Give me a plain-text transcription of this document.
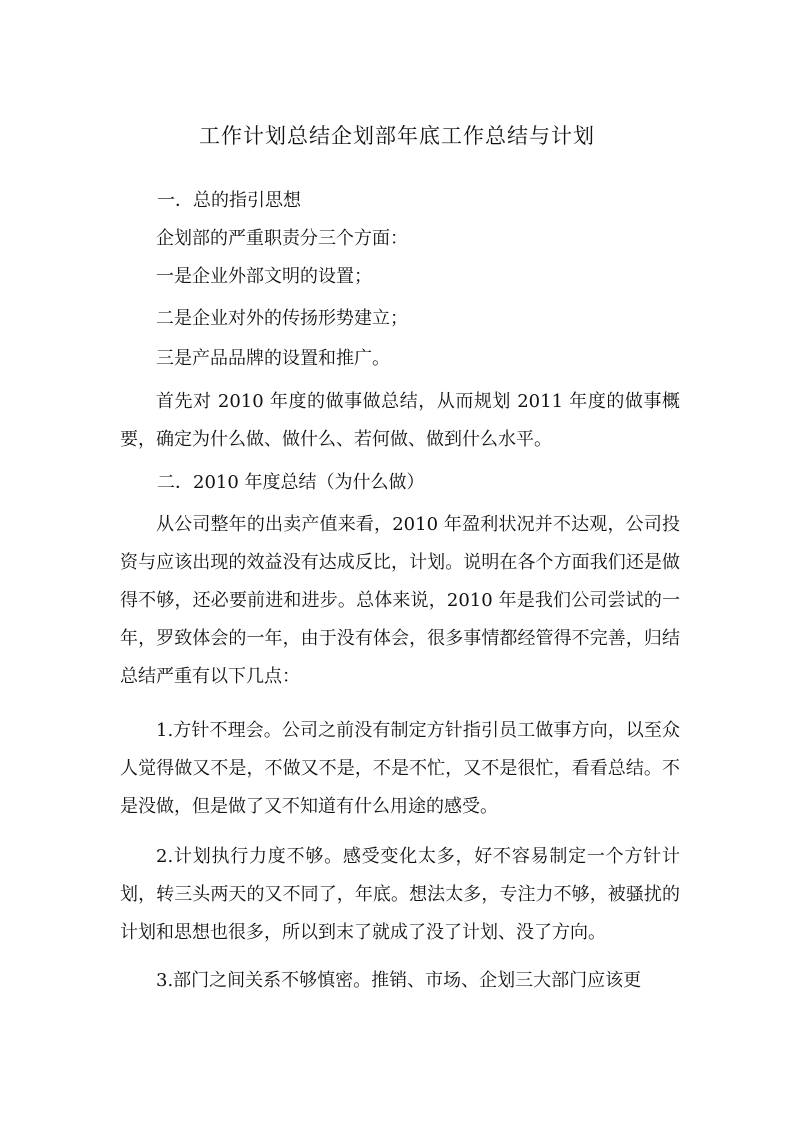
工作计划总结企划部年底工作总结与计划

一．总的指引思想

企划部的严重职责分三个方面：

一是企业外部文明的设置；

二是企业对外的传扬形势建立；

三是产品品牌的设置和推广。

首先对 2010 年度的做事做总结，从而规划 2011 年度的做事概要，确定为什么做、做什么、若何做、做到什么水平。

二．2010 年度总结（为什么做）

从公司整年的出卖产值来看，2010 年盈利状况并不达观，公司投资与应该出现的效益没有达成反比，计划。说明在各个方面我们还是做得不够，还必要前进和进步。总体来说，2010 年是我们公司尝试的一年，罗致体会的一年，由于没有体会，很多事情都经管得不完善，归结总结严重有以下几点：

1.方针不理会。公司之前没有制定方针指引员工做事方向，以至众人觉得做又不是，不做又不是，不是不忙，又不是很忙，看看总结。不是没做，但是做了又不知道有什么用途的感受。

2.计划执行力度不够。感受变化太多，好不容易制定一个方针计划，转三头两天的又不同了，年底。想法太多，专注力不够，被骚扰的计划和思想也很多，所以到末了就成了没了计划、没了方向。

3.部门之间关系不够慎密。推销、市场、企划三大部门应该更
